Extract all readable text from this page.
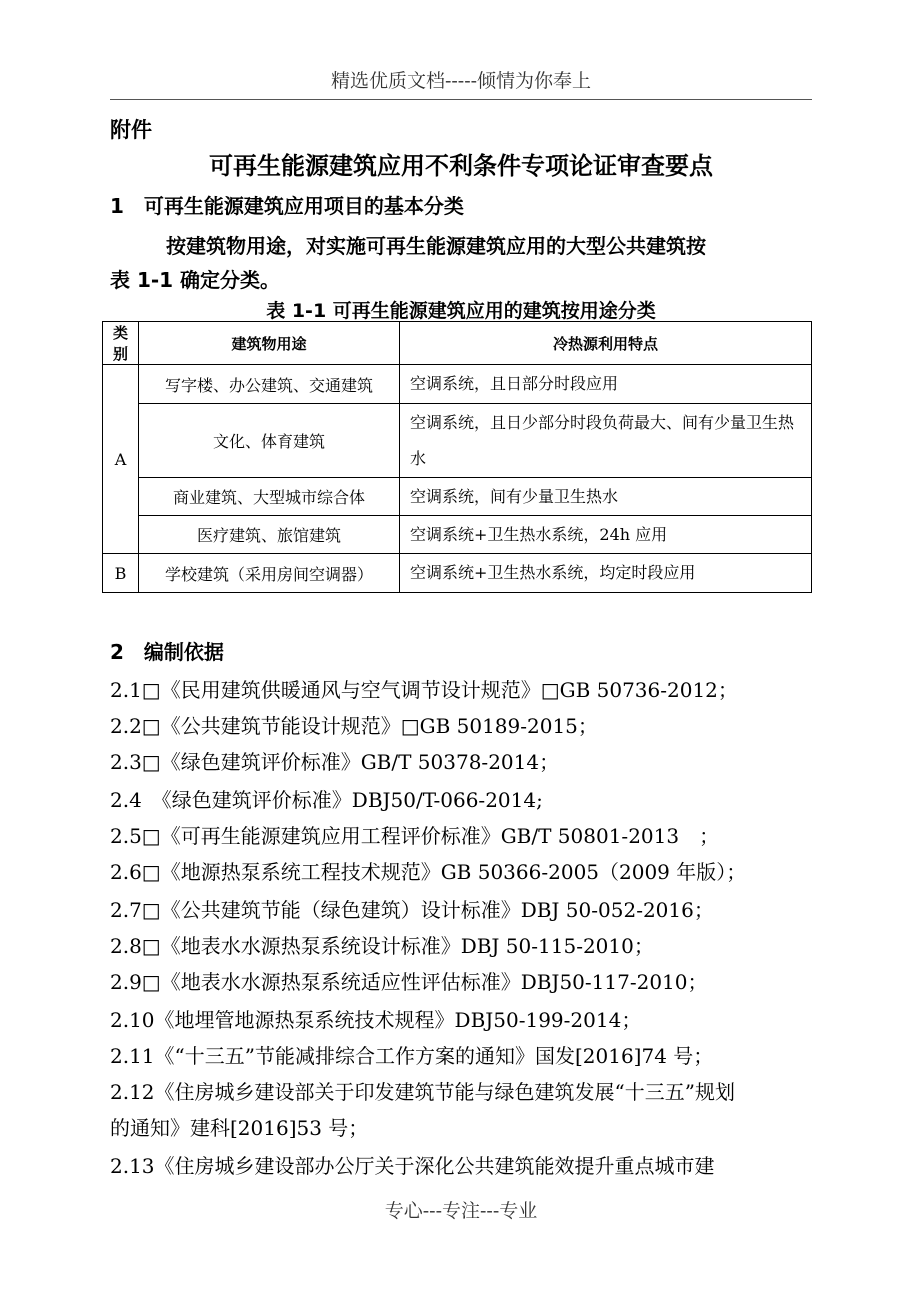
精选优质文档-----倾情为你奉上
附件
可再生能源建筑应用不利条件专项论证审查要点
1　可再生能源建筑应用项目的基本分类
按建筑物用途，对实施可再生能源建筑应用的大型公共建筑按
表 1-1 确定分类。
表 1-1 可再生能源建筑应用的建筑按用途分类
类别	建筑物用途	冷热源利用特点
A	写字楼、办公建筑、交通建筑	空调系统，且日部分时段应用
	文化、体育建筑	空调系统，且日少部分时段负荷最大、间有少量卫生热水
	商业建筑、大型城市综合体	空调系统，间有少量卫生热水
	医疗建筑、旅馆建筑	空调系统+卫生热水系统，24h 应用
B	学校建筑（采用房间空调器）	空调系统+卫生热水系统，均定时段应用
2　编制依据
2.1□《民用建筑供暖通风与空气调节设计规范》□GB 50736-2012；
2.2□《公共建筑节能设计规范》□GB 50189-2015；
2.3□《绿色建筑评价标准》GB/T 50378-2014；
2.4　《绿色建筑评价标准》DBJ50/T-066-2014;
2.5□《可再生能源建筑应用工程评价标准》GB/T 50801-2013　；
2.6□《地源热泵系统工程技术规范》GB 50366-2005（2009 年版）；
2.7□《公共建筑节能（绿色建筑）设计标准》DBJ 50-052-2016；
2.8□《地表水水源热泵系统设计标准》DBJ 50-115-2010；
2.9□《地表水水源热泵系统适应性评估标准》DBJ50-117-2010；
2.10《地埋管地源热泵系统技术规程》DBJ50-199-2014；
2.11《“十三五”节能减排综合工作方案的通知》国发[2016]74 号；
2.12《住房城乡建设部关于印发建筑节能与绿色建筑发展“十三五”规划
的通知》建科[2016]53 号；
2.13《住房城乡建设部办公厅关于深化公共建筑能效提升重点城市建
专心---专注---专业
